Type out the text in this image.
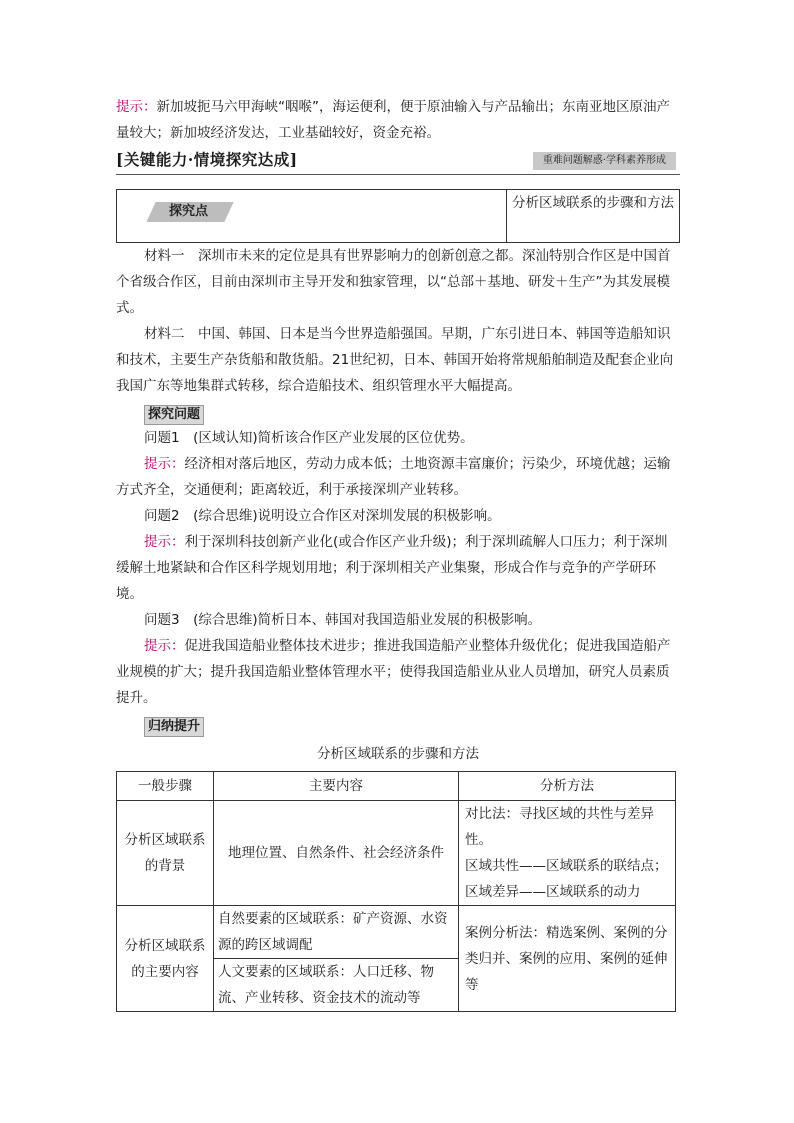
提示：新加坡扼马六甲海峡“咽喉”，海运便利，便于原油输入与产品输出；东南亚地区原油产量较大；新加坡经济发达，工业基础较好，资金充裕。

[关键能力·情境探究达成]	重难问题解惑·学科素养形成
探究点
分析区域联系的步骤和方法

材料一　深圳市未来的定位是具有世界影响力的创新创意之都。深汕特别合作区是中国首个省级合作区，目前由深圳市主导开发和独家管理，以“总部＋基地、研发＋生产”为其发展模式。

材料二　中国、韩国、日本是当今世界造船强国。早期，广东引进日本、韩国等造船知识和技术，主要生产杂货船和散货船。21世纪初，日本、韩国开始将常规船舶制造及配套企业向我国广东等地集群式转移，综合造船技术、组织管理水平大幅提高。

探究问题

问题1　(区域认知)简析该合作区产业发展的区位优势。

提示：经济相对落后地区，劳动力成本低；土地资源丰富廉价；污染少，环境优越；运输方式齐全，交通便利；距离较近，利于承接深圳产业转移。

问题2　(综合思维)说明设立合作区对深圳发展的积极影响。

提示：利于深圳科技创新产业化(或合作区产业升级)；利于深圳疏解人口压力；利于深圳缓解土地紧缺和合作区科学规划用地；利于深圳相关产业集聚，形成合作与竞争的产学研环境。

问题3　(综合思维)简析日本、韩国对我国造船业发展的积极影响。

提示：促进我国造船业整体技术进步；推进我国造船产业整体升级优化；促进我国造船产业规模的扩大；提升我国造船业整体管理水平；使得我国造船业从业人员增加，研究人员素质提升。

归纳提升

分析区域联系的步骤和方法

一般步骤	主要内容	分析方法
分析区域联系的背景	地理位置、自然条件、社会经济条件	对比法：寻找区域的共性与差异性。
区域共性——区域联系的联结点；
区域差异——区域联系的动力

分析区域联系的主要内容	自然要素的区域联系：矿产资源、水资源的跨区域调配	案例分析法：精选案例、案例的分类归并、案例的应用、案例的延伸等
	人文要素的区域联系：人口迁移、物流、产业转移、资金技术的流动等	
